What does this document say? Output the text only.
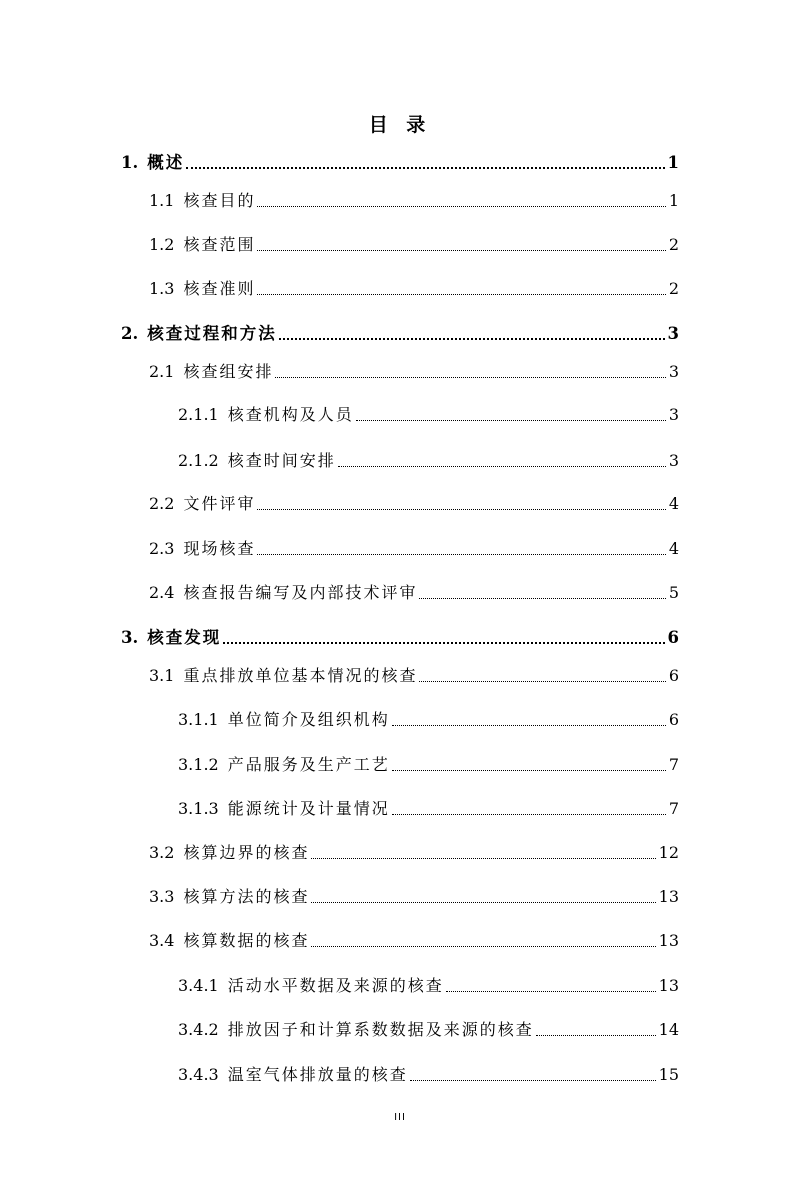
目 录
1. 概述	1
1.1 核查目的	1
1.2 核查范围	2
1.3 核查准则	2
2. 核查过程和方法	3
2.1 核查组安排	3
2.1.1 核查机构及人员	3
2.1.2 核查时间安排	3
2.2 文件评审	4
2.3 现场核查	4
2.4 核查报告编写及内部技术评审	5
3. 核查发现	6
3.1 重点排放单位基本情况的核查	6
3.1.1 单位简介及组织机构	6
3.1.2 产品服务及生产工艺	7
3.1.3 能源统计及计量情况	7
3.2 核算边界的核查	12
3.3 核算方法的核查	13
3.4 核算数据的核查	13
3.4.1 活动水平数据及来源的核查	13
3.4.2 排放因子和计算系数数据及来源的核查	14
3.4.3 温室气体排放量的核查	15
III
